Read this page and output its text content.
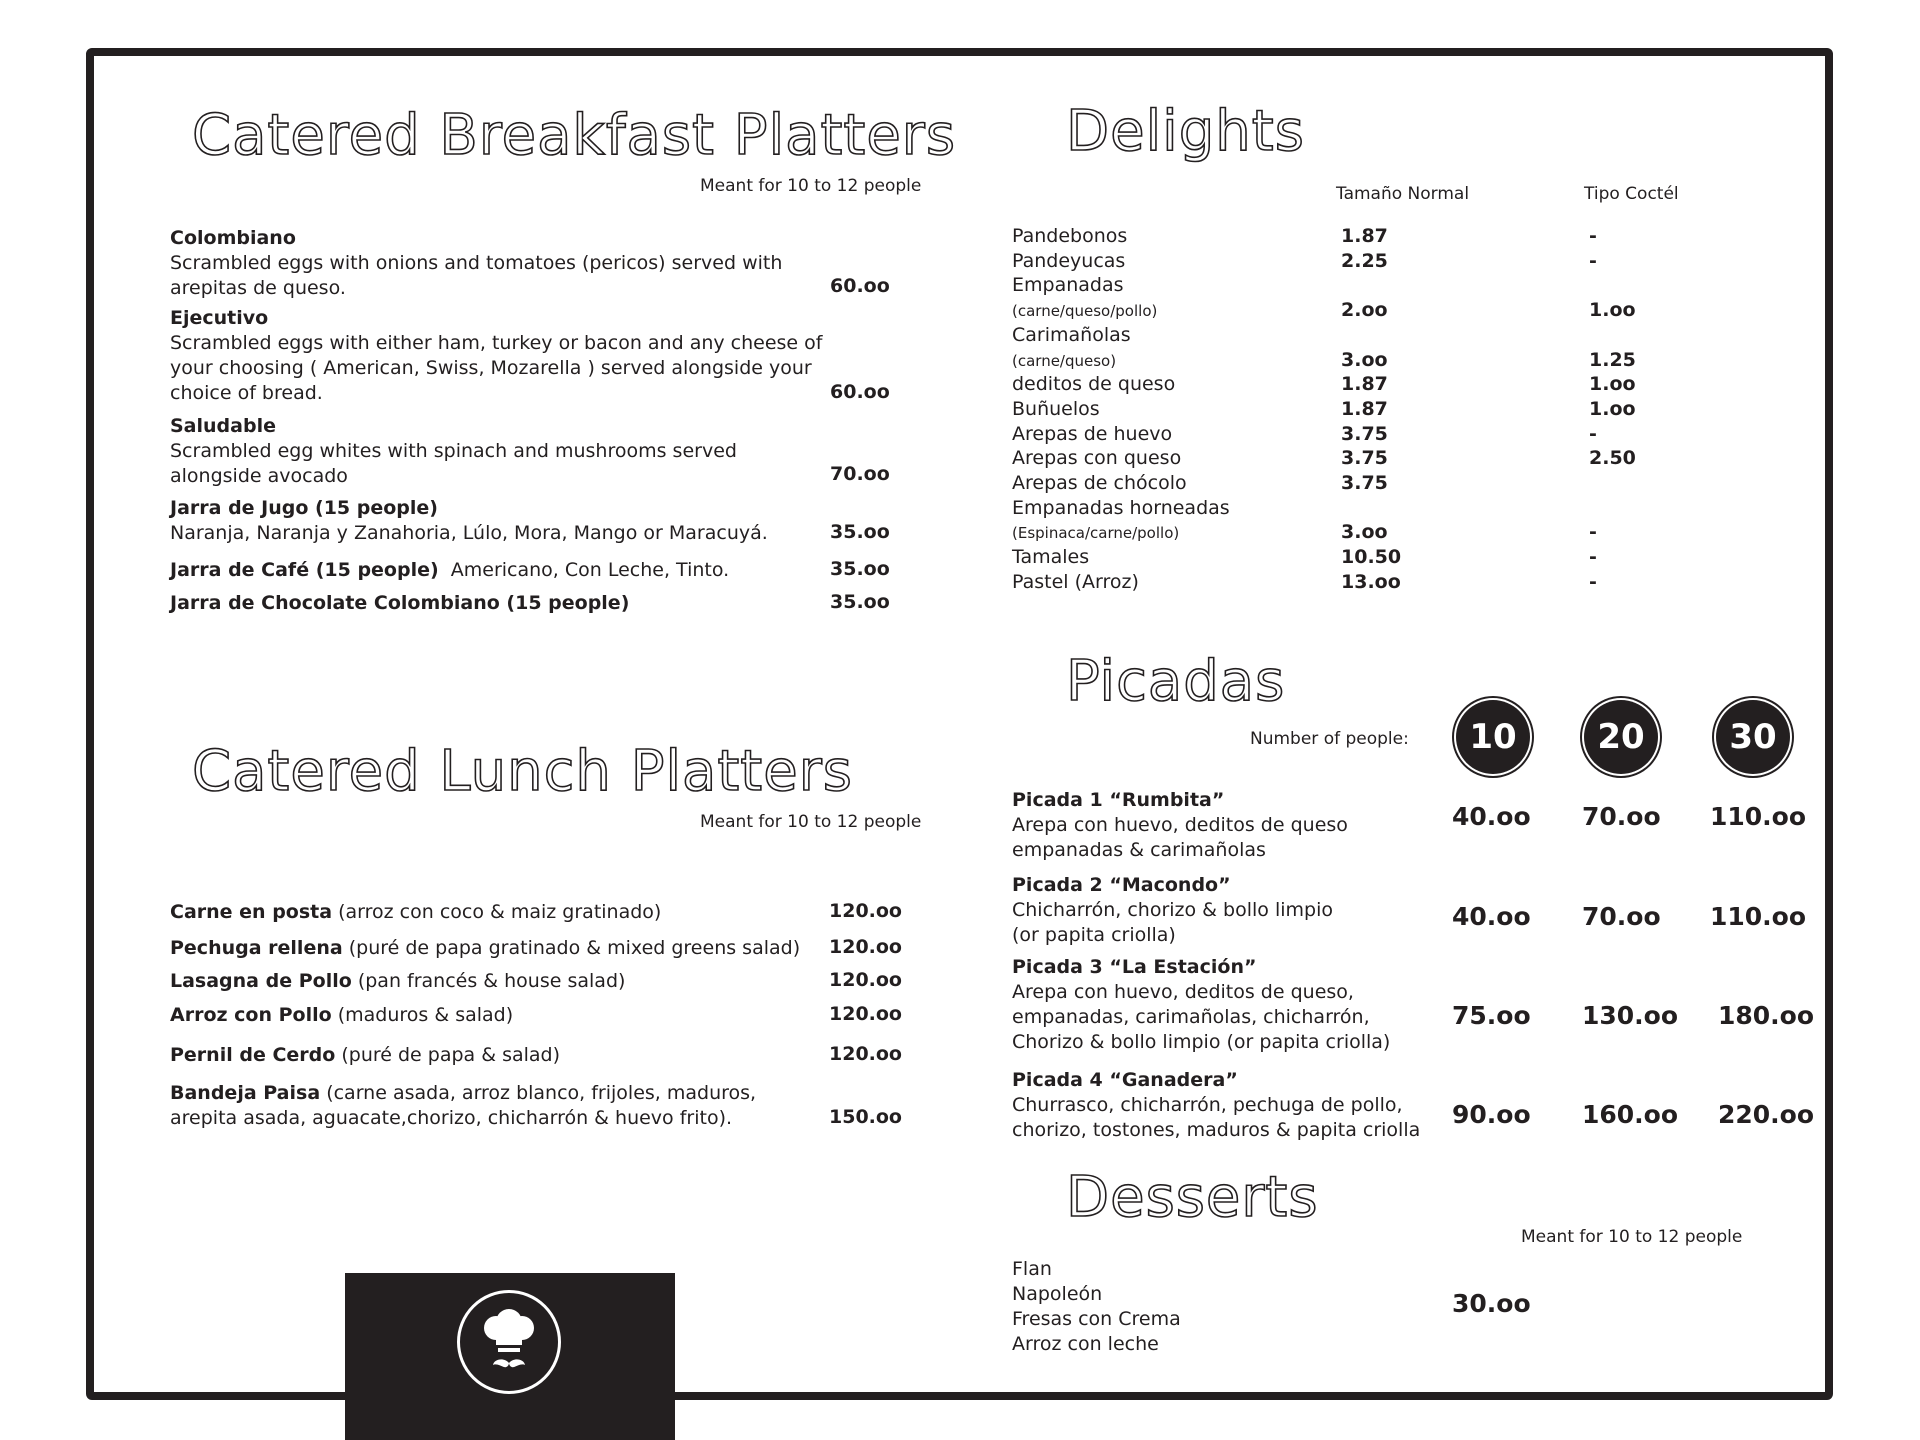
Catered Breakfast Platters
Meant for 10 to 12 people
Colombiano
Scrambled eggs with onions and tomatoes (pericos) served with
arepitas de queso.	60.oo
Ejecutivo
Scrambled eggs with either ham, turkey or bacon and any cheese of
your choosing ( American, Swiss, Mozarella ) served alongside your
choice of bread.	60.oo
Saludable
Scrambled egg whites with spinach and mushrooms served
alongside avocado	70.oo
Jarra de Jugo (15 people)
Naranja, Naranja y Zanahoria, Lúlo, Mora, Mango or Maracuyá.	35.oo
Jarra de Café (15 people) Americano, Con Leche, Tinto.	35.oo
Jarra de Chocolate Colombiano (15 people)	35.oo
Catered Lunch Platters
Meant for 10 to 12 people
Carne en posta (arroz con coco & maiz gratinado)	120.oo
Pechuga rellena (puré de papa gratinado & mixed greens salad) 120.oo
Lasagna de Pollo (pan francés & house salad)	120.oo
Arroz con Pollo (maduros & salad)	120.oo
Pernil de Cerdo (puré de papa & salad)	120.oo
Bandeja Paisa (carne asada, arroz blanco, frijoles, maduros,
arepita asada, aguacate,chorizo, chicharrón & huevo frito).	150.oo
Delights
Tamaño Normal	Tipo Coctél
Pandebonos	1.87	-
Pandeyucas	2.25	-
Empanadas
(carne/queso/pollo)	2.oo	1.oo
Carimañolas
(carne/queso)	3.oo	1.25
deditos de queso	1.87	1.oo
Buñuelos	1.87	1.oo
Arepas de huevo	3.75	-
Arepas con queso	3.75	2.50
Arepas de chócolo	3.75
Empanadas horneadas
(Espinaca/carne/pollo)	3.oo	-
Tamales	10.50	-
Pastel (Arroz)	13.oo	-
Picadas
Number of people:	10	20	30
Picada 1 “Rumbita”
Arepa con huevo, deditos de queso
empanadas & carimañolas
40.oo 70.oo 110.oo
Picada 2 “Macondo”
Chicharrón, chorizo & bollo limpio
(or papita criolla)
40.oo 70.oo 110.oo
Picada 3 “La Estación”
Arepa con huevo, deditos de queso,
empanadas, carimañolas, chicharrón,
Chorizo & bollo limpio (or papita criolla)
75.oo 130.oo 180.oo
Picada 4 “Ganadera”
Churrasco, chicharrón, pechuga de pollo,
chorizo, tostones, maduros & papita criolla
90.oo 160.oo 220.oo
Desserts
Meant for 10 to 12 people
Flan
Napoleón
Fresas con Crema
Arroz con leche
30.oo
